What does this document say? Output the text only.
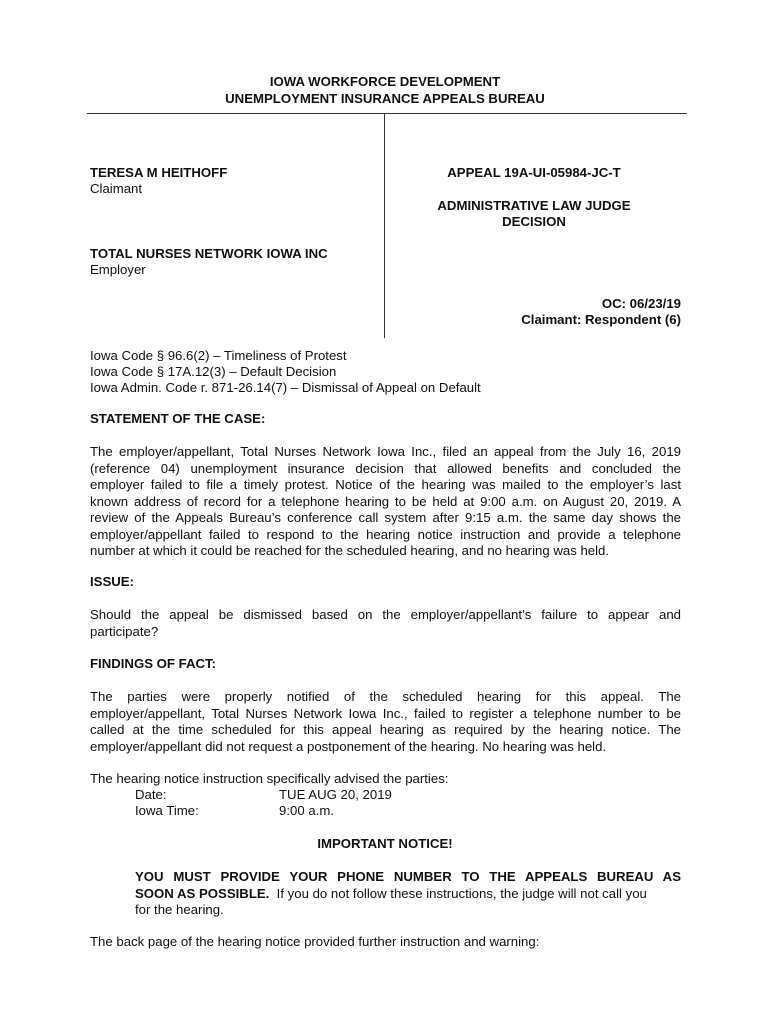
IOWA WORKFORCE DEVELOPMENT
UNEMPLOYMENT INSURANCE APPEALS BUREAU
TERESA M HEITHOFF
Claimant
TOTAL NURSES NETWORK IOWA INC
Employer
APPEAL 19A-UI-05984-JC-T
ADMINISTRATIVE LAW JUDGE
DECISION
OC: 06/23/19
Claimant: Respondent (6)
Iowa Code § 96.6(2) – Timeliness of Protest
Iowa Code § 17A.12(3) – Default Decision
Iowa Admin. Code r. 871-26.14(7) – Dismissal of Appeal on Default
STATEMENT OF THE CASE:
The employer/appellant, Total Nurses Network Iowa Inc., filed an appeal from the July 16, 2019
(reference 04) unemployment insurance decision that allowed benefits and concluded the
employer failed to file a timely protest. Notice of the hearing was mailed to the employer’s last
known address of record for a telephone hearing to be held at 9:00 a.m. on August 20, 2019. A
review of the Appeals Bureau’s conference call system after 9:15 a.m. the same day shows the
employer/appellant failed to respond to the hearing notice instruction and provide a telephone
number at which it could be reached for the scheduled hearing, and no hearing was held.
ISSUE:
Should the appeal be dismissed based on the employer/appellant’s failure to appear and
participate?
FINDINGS OF FACT:
The parties were properly notified of the scheduled hearing for this appeal. The
employer/appellant, Total Nurses Network Iowa Inc., failed to register a telephone number to be
called at the time scheduled for this appeal hearing as required by the hearing notice. The
employer/appellant did not request a postponement of the hearing. No hearing was held.
The hearing notice instruction specifically advised the parties:
Date:	TUE AUG 20, 2019
Iowa Time:	9:00 a.m.
IMPORTANT NOTICE!
YOU MUST PROVIDE YOUR PHONE NUMBER TO THE APPEALS BUREAU AS
SOON AS POSSIBLE.  If you do not follow these instructions, the judge will not call you
for the hearing.
The back page of the hearing notice provided further instruction and warning:
